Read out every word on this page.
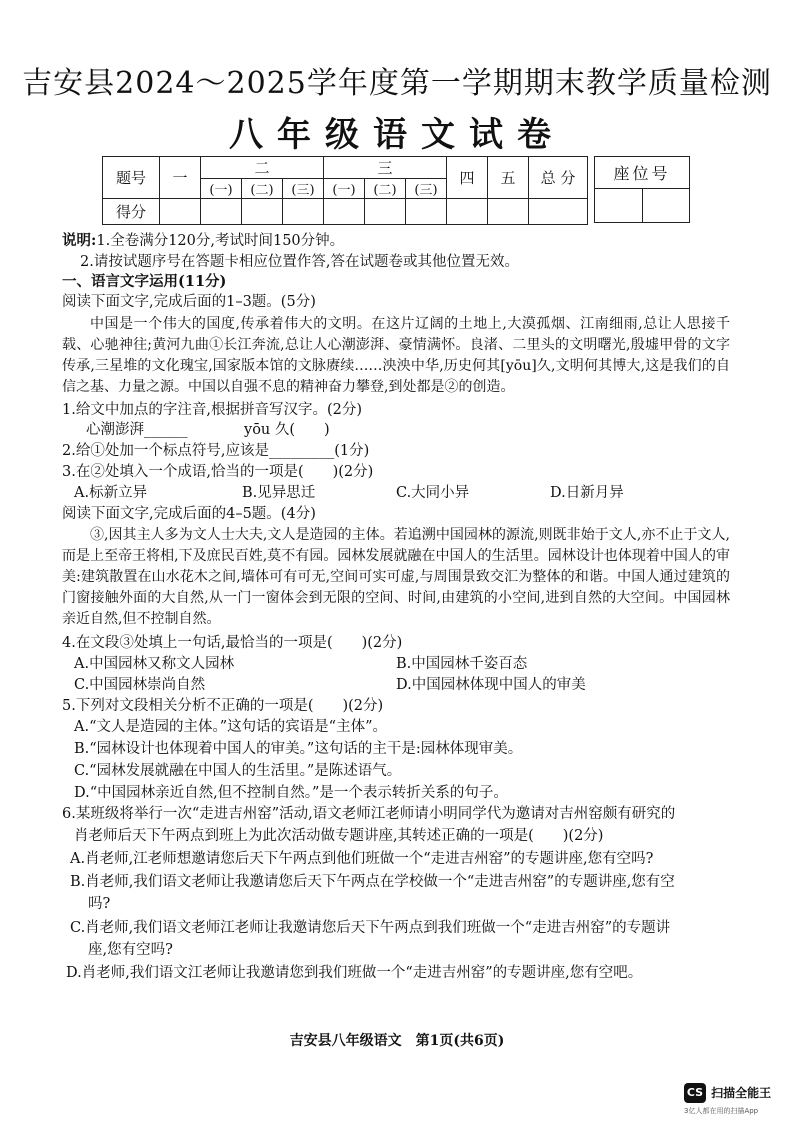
吉安县2024～2025学年度第一学期期末教学质量检测
八年级语文试卷
题号	一	二			三			四	五	总 分
		(一)	(二)	(三)	(一)	(二)	(三)			
得分										
座位号

说明:1.全卷满分120分,考试时间150分钟。
2.请按试题序号在答题卡相应位置作答,答在试题卷或其他位置无效。
一、语言文字运用(11分)
阅读下面文字,完成后面的1–3题。(5分)
中国是一个伟大的国度,传承着伟大的文明。在这片辽阔的土地上,大漠孤烟、江南细雨,总让人思接千载、心驰神往;黄河九曲①长江奔流,总让人心潮澎湃、豪情满怀。良渚、二里头的文明曙光,殷墟甲骨的文字传承,三星堆的文化瑰宝,国家版本馆的文脉赓续……泱泱中华,历史何其[yōu]久,文明何其博大,这是我们的自信之基、力量之源。中国以自强不息的精神奋力攀登,到处都是②的创造。
1.给文中加点的字注音,根据拼音写汉字。(2分)
心潮澎湃______	yōu 久(　　)
2.给①处加一个标点符号,应该是_________(1分)
3.在②处填入一个成语,恰当的一项是(　　)(2分)
A.标新立异	B.见异思迁	C.大同小异	D.日新月异
阅读下面文字,完成后面的4–5题。(4分)
③,因其主人多为文人士大夫,文人是造园的主体。若追溯中国园林的源流,则既非始于文人,亦不止于文人,而是上至帝王将相,下及庶民百姓,莫不有园。园林发展就融在中国人的生活里。园林设计也体现着中国人的审美:建筑散置在山水花木之间,墙体可有可无,空间可实可虚,与周围景致交汇为整体的和谐。中国人通过建筑的门窗接触外面的大自然,从一门一窗体会到无限的空间、时间,由建筑的小空间,进到自然的大空间。中国园林亲近自然,但不控制自然。
4.在文段③处填上一句话,最恰当的一项是(　　)(2分)
A.中国园林又称文人园林	B.中国园林千姿百态
C.中国园林崇尚自然	D.中国园林体现中国人的审美
5.下列对文段相关分析不正确的一项是(　　)(2分)
A.“文人是造园的主体。”这句话的宾语是“主体”。
B.“园林设计也体现着中国人的审美。”这句话的主干是:园林体现审美。
C.“园林发展就融在中国人的生活里。”是陈述语气。
D.“中国园林亲近自然,但不控制自然。”是一个表示转折关系的句子。
6.某班级将举行一次“走进吉州窑”活动,语文老师江老师请小明同学代为邀请对吉州窑颇有研究的
肖老师后天下午两点到班上为此次活动做专题讲座,其转述正确的一项是(　　)(2分)
A.肖老师,江老师想邀请您后天下午两点到他们班做一个“走进吉州窑”的专题讲座,您有空吗?
B.肖老师,我们语文老师让我邀请您后天下午两点在学校做一个“走进吉州窑”的专题讲座,您有空
吗?
C.肖老师,我们语文老师江老师让我邀请您后天下午两点到我们班做一个“走进吉州窑”的专题讲
座,您有空吗?
D.肖老师,我们语文江老师让我邀请您到我们班做一个“走进吉州窑”的专题讲座,您有空吧。
吉安县八年级语文　第1页(共6页)
CS 扫描全能王
3亿人都在用的扫描App
